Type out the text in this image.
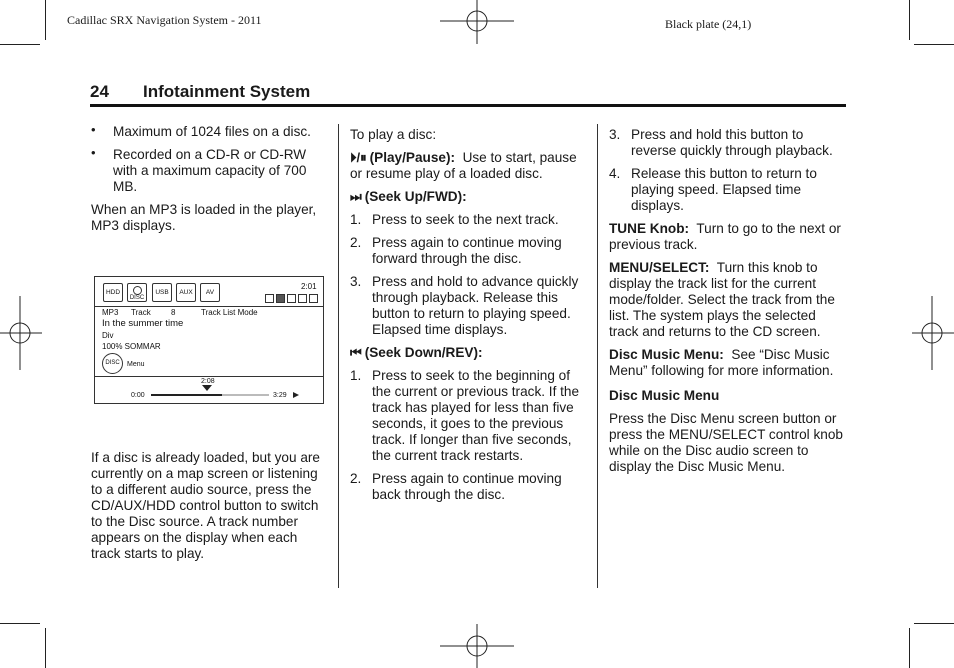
Cadillac SRX Navigation System - 2011	Black plate (24,1)
24 Infotainment System
• Maximum of 1024 files on a disc.
• Recorded on a CD-R or CD-RW with a maximum capacity of 700 MB.

When an MP3 is loaded in the player, MP3 displays.

HDD
DISC
USB	AUX	AV
2:01
MP3 Track	8	Track List Mode
In the summer time
Div
100% SOMMAR
DISC	Menu
2:08
0:00	3:29

If a disc is already loaded, but you are currently on a map screen or listening to a different audio source, press the CD/AUX/HDD control button to switch to the Disc source. A track number appears on the display when each track starts to play.

To play a disc:

⏵/⏸ (Play/Pause): Use to start, pause or resume play of a loaded disc.

⏭ (Seek Up/FWD):

1. Press to seek to the next track.
2. Press again to continue moving forward through the disc.
3. Press and hold to advance quickly through playback. Release this button to return to playing speed. Elapsed time displays.

⏮ (Seek Down/REV):

1. Press to seek to the beginning of the current or previous track. If the track has played for less than five seconds, it goes to the previous track. If longer than five seconds, the current track restarts.
2. Press again to continue moving back through the disc.
3. Press and hold this button to reverse quickly through playback.
4. Release this button to return to playing speed. Elapsed time displays.

TUNE Knob: Turn to go to the next or previous track.

MENU/SELECT: Turn this knob to display the track list for the current mode/folder. Select the track from the list. The system plays the selected track and returns to the CD screen.

Disc Music Menu: See “Disc Music Menu” following for more information.

Disc Music Menu

Press the Disc Menu screen button or press the MENU/SELECT control knob while on the Disc audio screen to display the Disc Music Menu.
